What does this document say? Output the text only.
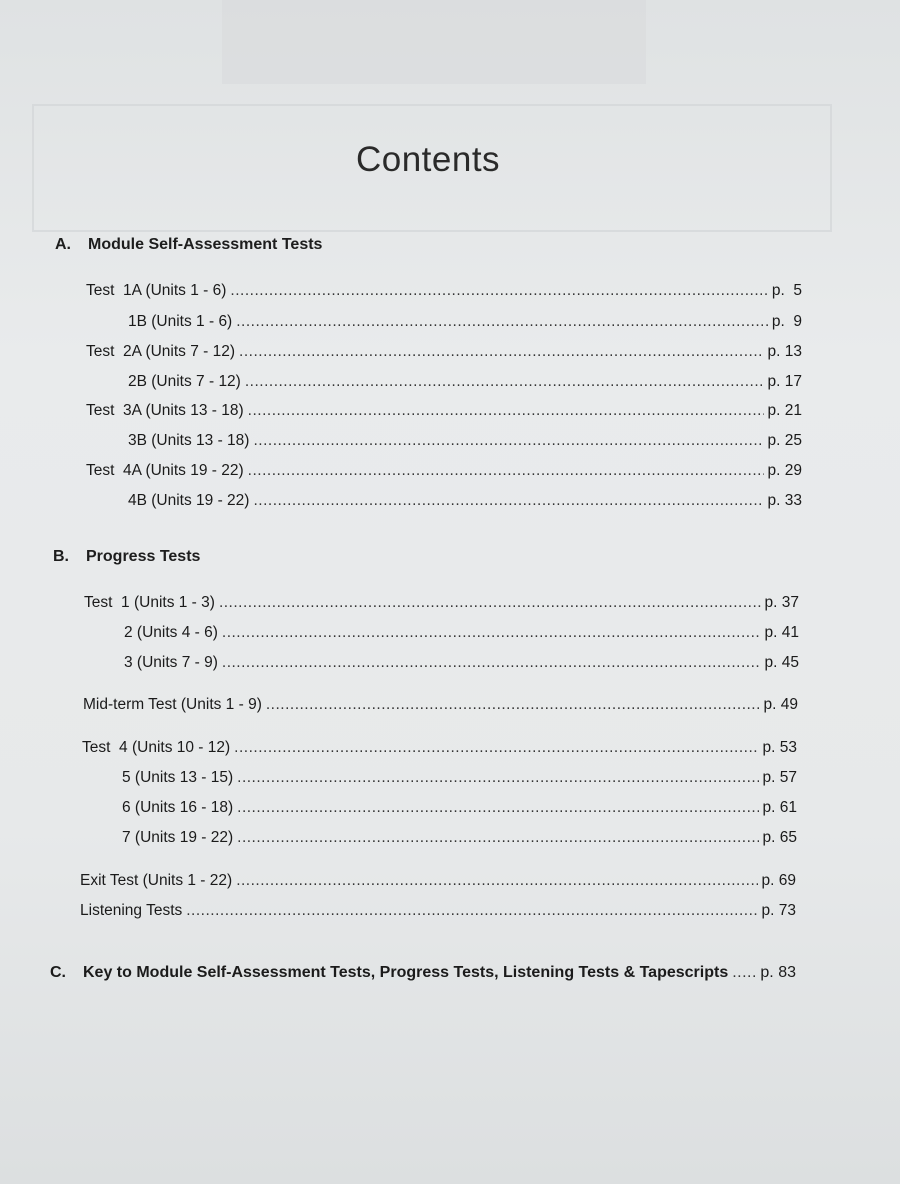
Contents
A. Module Self-Assessment Tests
Test  1A (Units 1 - 6) .....	p.  5
1B (Units 1 - 6) .....	p.  9
Test  2A (Units 7 - 12) .....	p. 13
2B (Units 7 - 12) .....	p. 17
Test  3A (Units 13 - 18) .....	p. 21
3B (Units 13 - 18) .....	p. 25
Test  4A (Units 19 - 22) .....	p. 29
4B (Units 19 - 22) .....	p. 33
B. Progress Tests
Test  1 (Units 1 - 3) .....	p. 37
2 (Units 4 - 6) .....	p. 41
3 (Units 7 - 9) .....	p. 45
Mid-term Test (Units 1 - 9) .....	p. 49
Test  4 (Units 10 - 12) .....	p. 53
5 (Units 13 - 15) .....	p. 57
6 (Units 16 - 18) .....	p. 61
7 (Units 19 - 22) .....	p. 65
Exit Test (Units 1 - 22) .....	p. 69
Listening Tests .....	p. 73
C.	Key to Module Self-Assessment Tests, Progress Tests, Listening Tests & Tapescripts ..... p. 83
